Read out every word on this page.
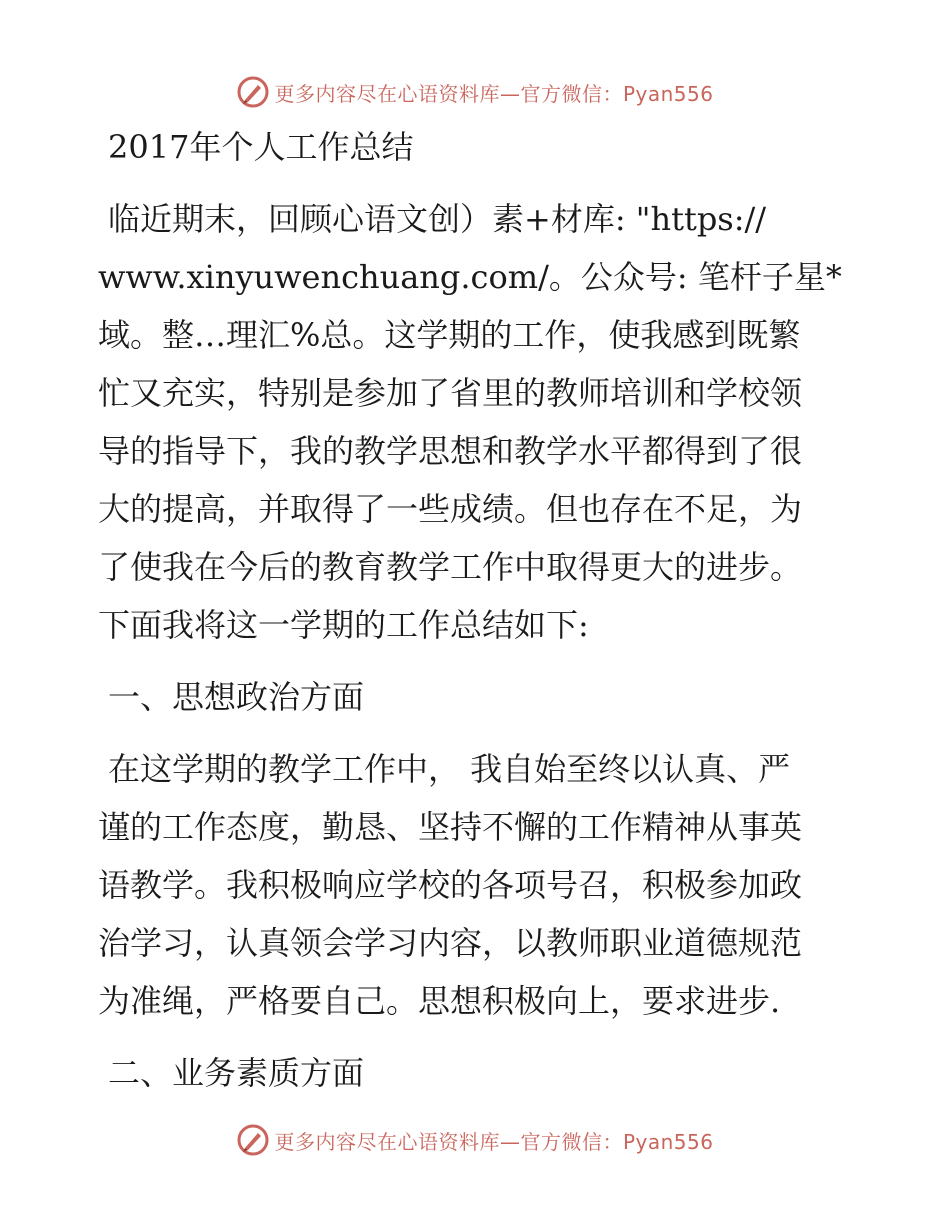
更多内容尽在心语资料库—官方微信：Pyan556
2017年个人工作总结
临近期末，回顾心语文创）素+材库: "https://
www.xinyuwenchuang.com/。公众号: 笔杆子星*
域。整…理汇%总。这学期的工作，使我感到既繁
忙又充实，特别是参加了省里的教师培训和学校领
导的指导下，我的教学思想和教学水平都得到了很
大的提高，并取得了一些成绩。但也存在不足，为
了使我在今后的教育教学工作中取得更大的进步。
下面我将这一学期的工作总结如下:
一、思想政治方面
在这学期的教学工作中， 我自始至终以认真、严
谨的工作态度，勤恳、坚持不懈的工作精神从事英
语教学。我积极响应学校的各项号召，积极参加政
治学习，认真领会学习内容，以教师职业道德规范
为准绳，严格要自己。思想积极向上，要求进步.
二、业务素质方面
更多内容尽在心语资料库—官方微信：Pyan556
